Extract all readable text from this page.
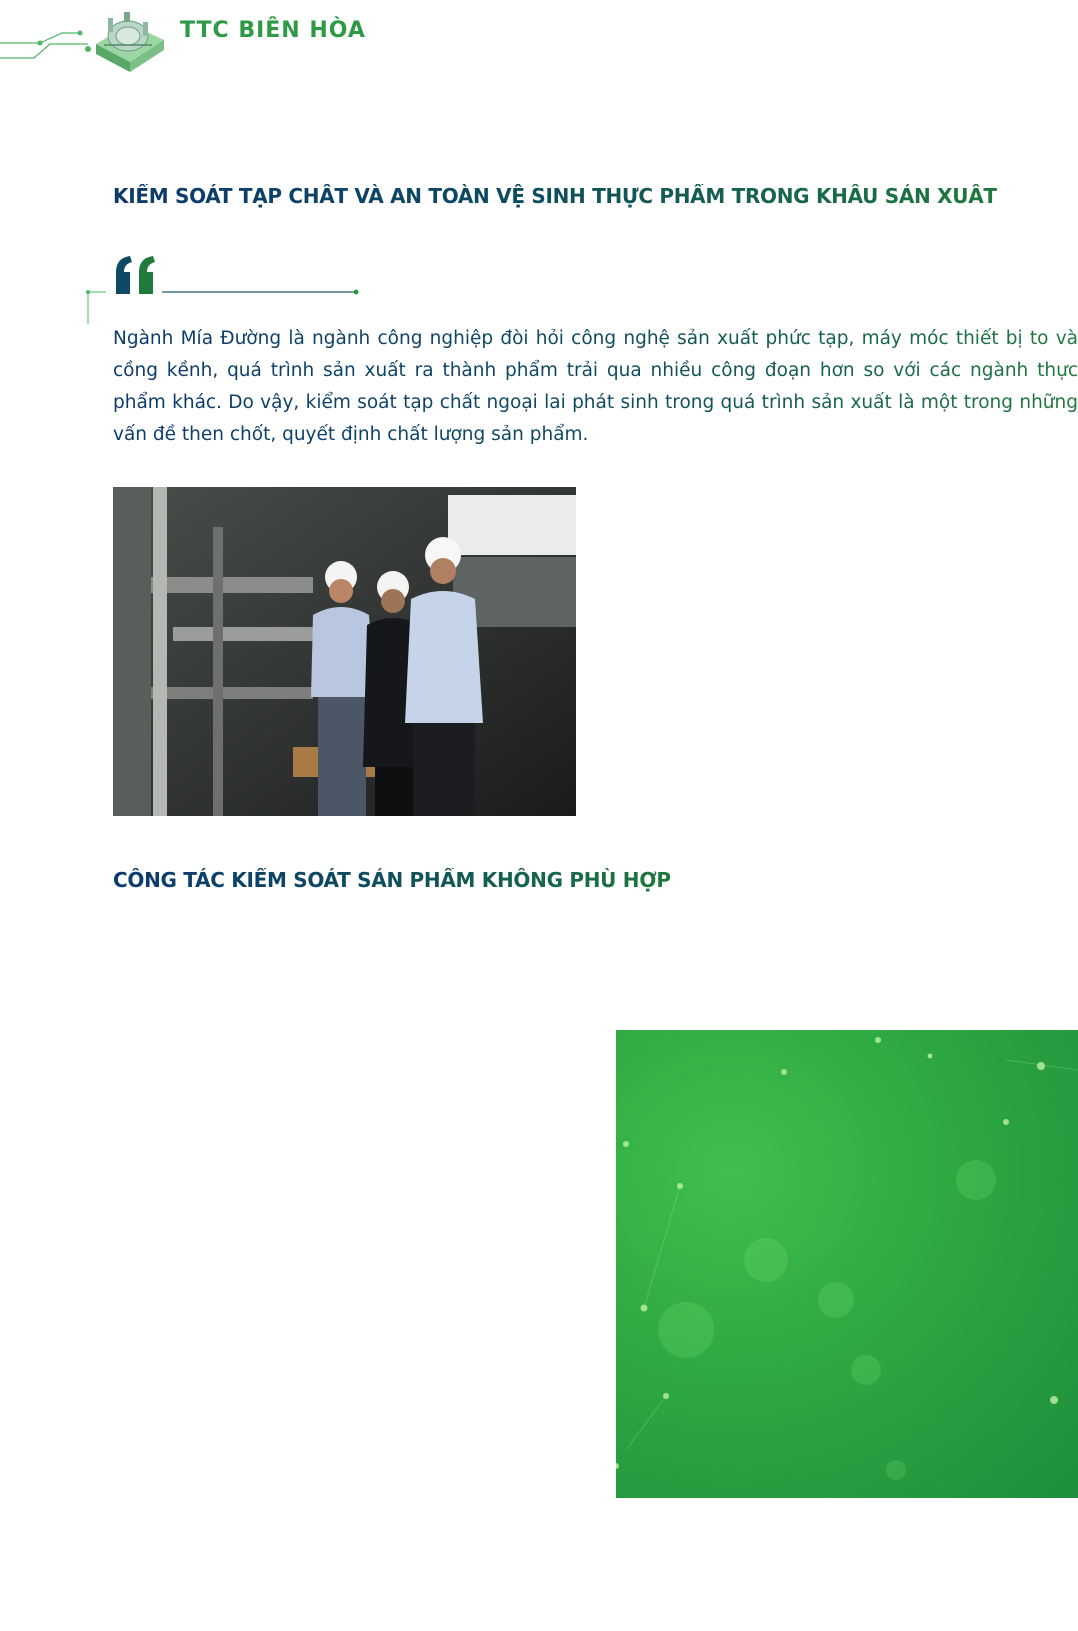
TTC BIÊN HÒA
KIỂM SOÁT TẠP CHẤT VÀ AN TOÀN VỆ SINH THỰC PHẨM TRONG KHÂU SẢN XUẤT

Ngành Mía Đường là ngành công nghiệp đòi hỏi công nghệ sản xuất phức tạp, máy móc thiết bị to và cồng kềnh, quá trình sản xuất ra thành phẩm trải qua nhiều công đoạn hơn so với các ngành thực phẩm khác. Do vậy, kiểm soát tạp chất ngoại lai phát sinh trong quá trình sản xuất là một trong những vấn đề then chốt, quyết định chất lượng sản phẩm.

CÔNG TÁC KIỂM SOÁT SẢN PHẨM KHÔNG PHÙ HỢP
